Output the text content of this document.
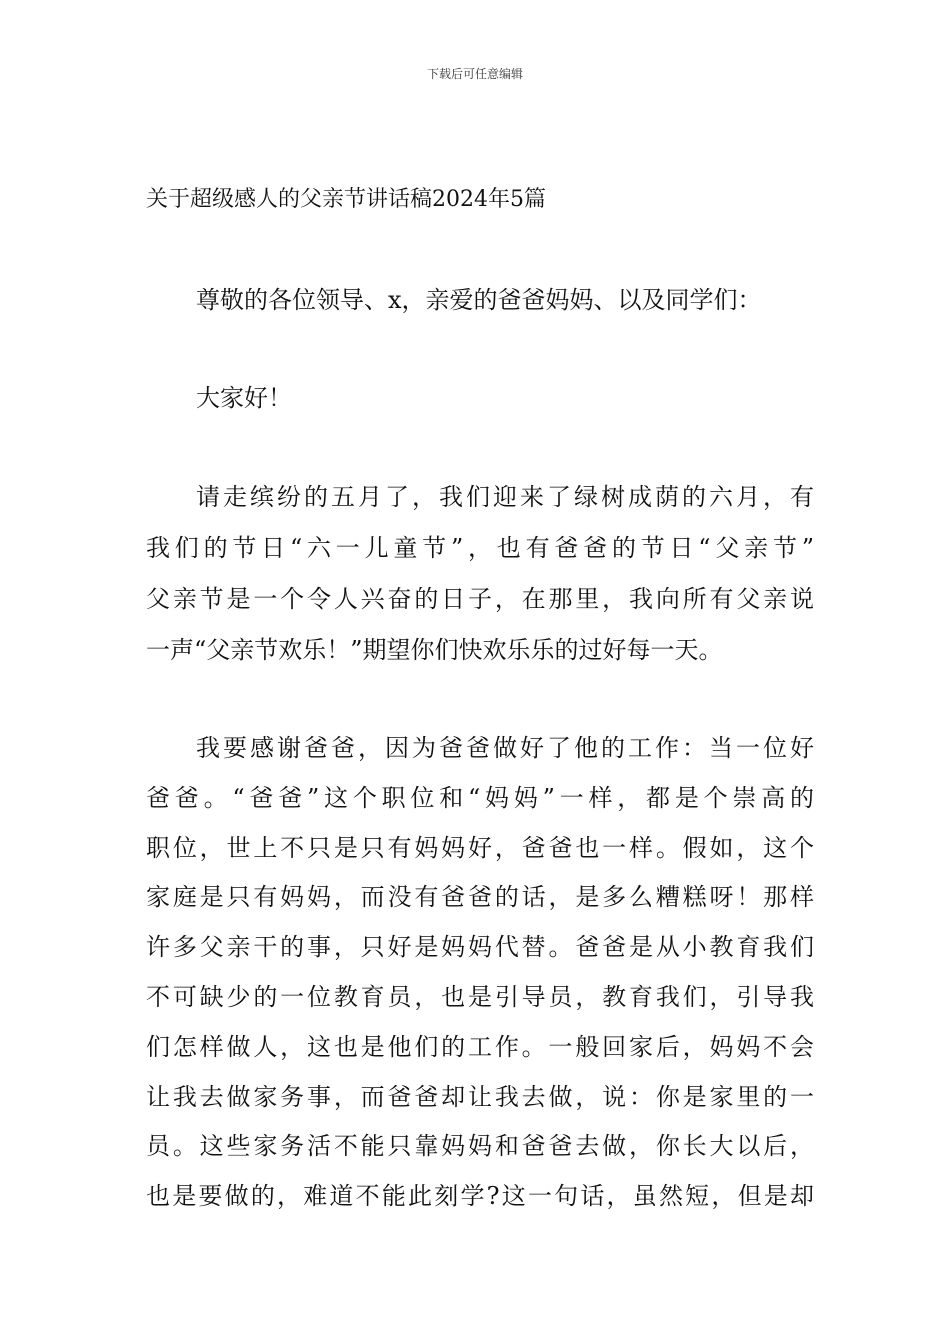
下载后可任意编辑
关于超级感人的父亲节讲话稿2024年5篇
尊敬的各位领导、x，亲爱的爸爸妈妈、以及同学们：
大家好！
请走缤纷的五月了，我们迎来了绿树成荫的六月，有
我们的节日“六一儿童节”，也有爸爸的节日“父亲节”
父亲节是一个令人兴奋的日子，在那里，我向所有父亲说
一声“父亲节欢乐！”期望你们快欢乐乐的过好每一天。
我要感谢爸爸，因为爸爸做好了他的工作：当一位好
爸爸。“爸爸”这个职位和“妈妈”一样，都是个崇高的
职位，世上不只是只有妈妈好，爸爸也一样。假如，这个
家庭是只有妈妈，而没有爸爸的话，是多么糟糕呀！那样
许多父亲干的事，只好是妈妈代替。爸爸是从小教育我们
不可缺少的一位教育员，也是引导员，教育我们，引导我
们怎样做人，这也是他们的工作。一般回家后，妈妈不会
让我去做家务事，而爸爸却让我去做，说：你是家里的一
员。这些家务活不能只靠妈妈和爸爸去做，你长大以后，
也是要做的，难道不能此刻学?这一句话，虽然短，但是却
